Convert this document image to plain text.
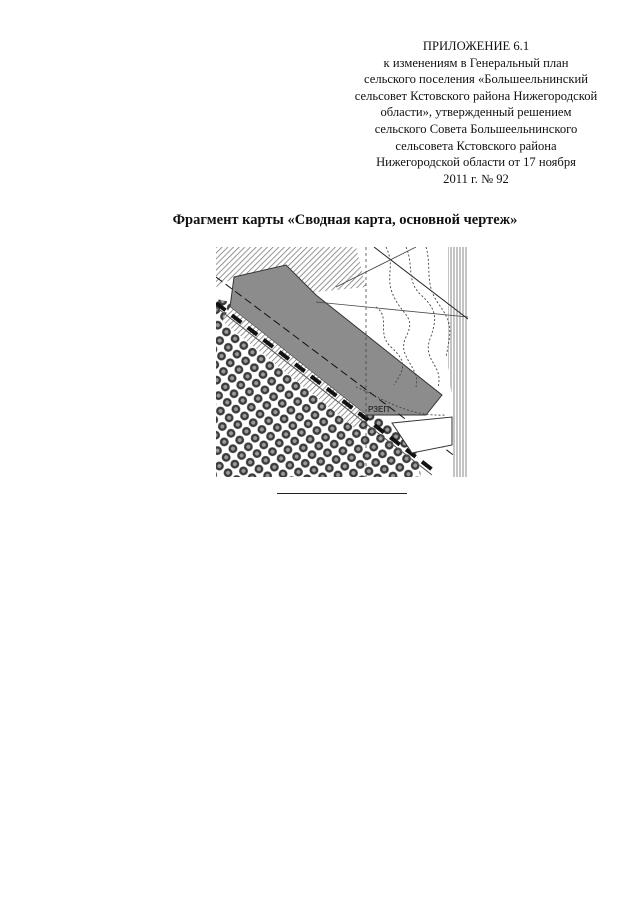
ПРИЛОЖЕНИЕ 6.1
к изменениям в Генеральный план
сельского поселения «Большеельнинский
сельсовет Кстовского района Нижегородской
области», утвержденный решением
сельского Совета Большеельнинского
сельсовета Кстовского района
Нижегородской области от 17 ноября
2011 г. № 92
Фрагмент карты «Сводная карта, основной чертеж»
РЗЕП
